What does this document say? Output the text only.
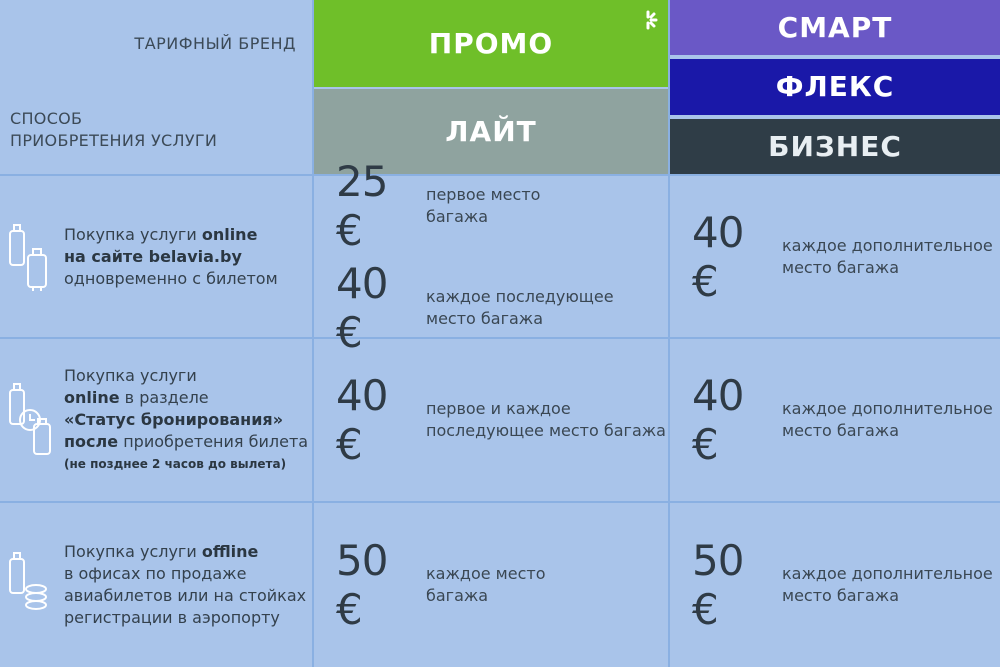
ТАРИФНЫЙ БРЕНД
СПОСОБ
ПРИОБРЕТЕНИЯ УСЛУГИ
ПРОМО
ЛАЙТ
СМАРТ
ФЛЕКС
БИЗНЕС
Покупка услуги online
на сайте belavia.by
одновременно с билетом
25 €
первое место
багажа
40 €
каждое последующее
место багажа
40 €
каждое дополнительное
место багажа
Покупка услуги
online в разделе
«Статус бронирования»
после приобретения билета
(не позднее 2 часов до вылета)
40 €
первое и каждое
последующее место багажа
40 €
каждое дополнительное
место багажа
Покупка услуги offline
в офисах по продаже
авиабилетов или на стойках
регистрации в аэропорту
50 €
каждое место
багажа
50 €
каждое дополнительное
место багажа
